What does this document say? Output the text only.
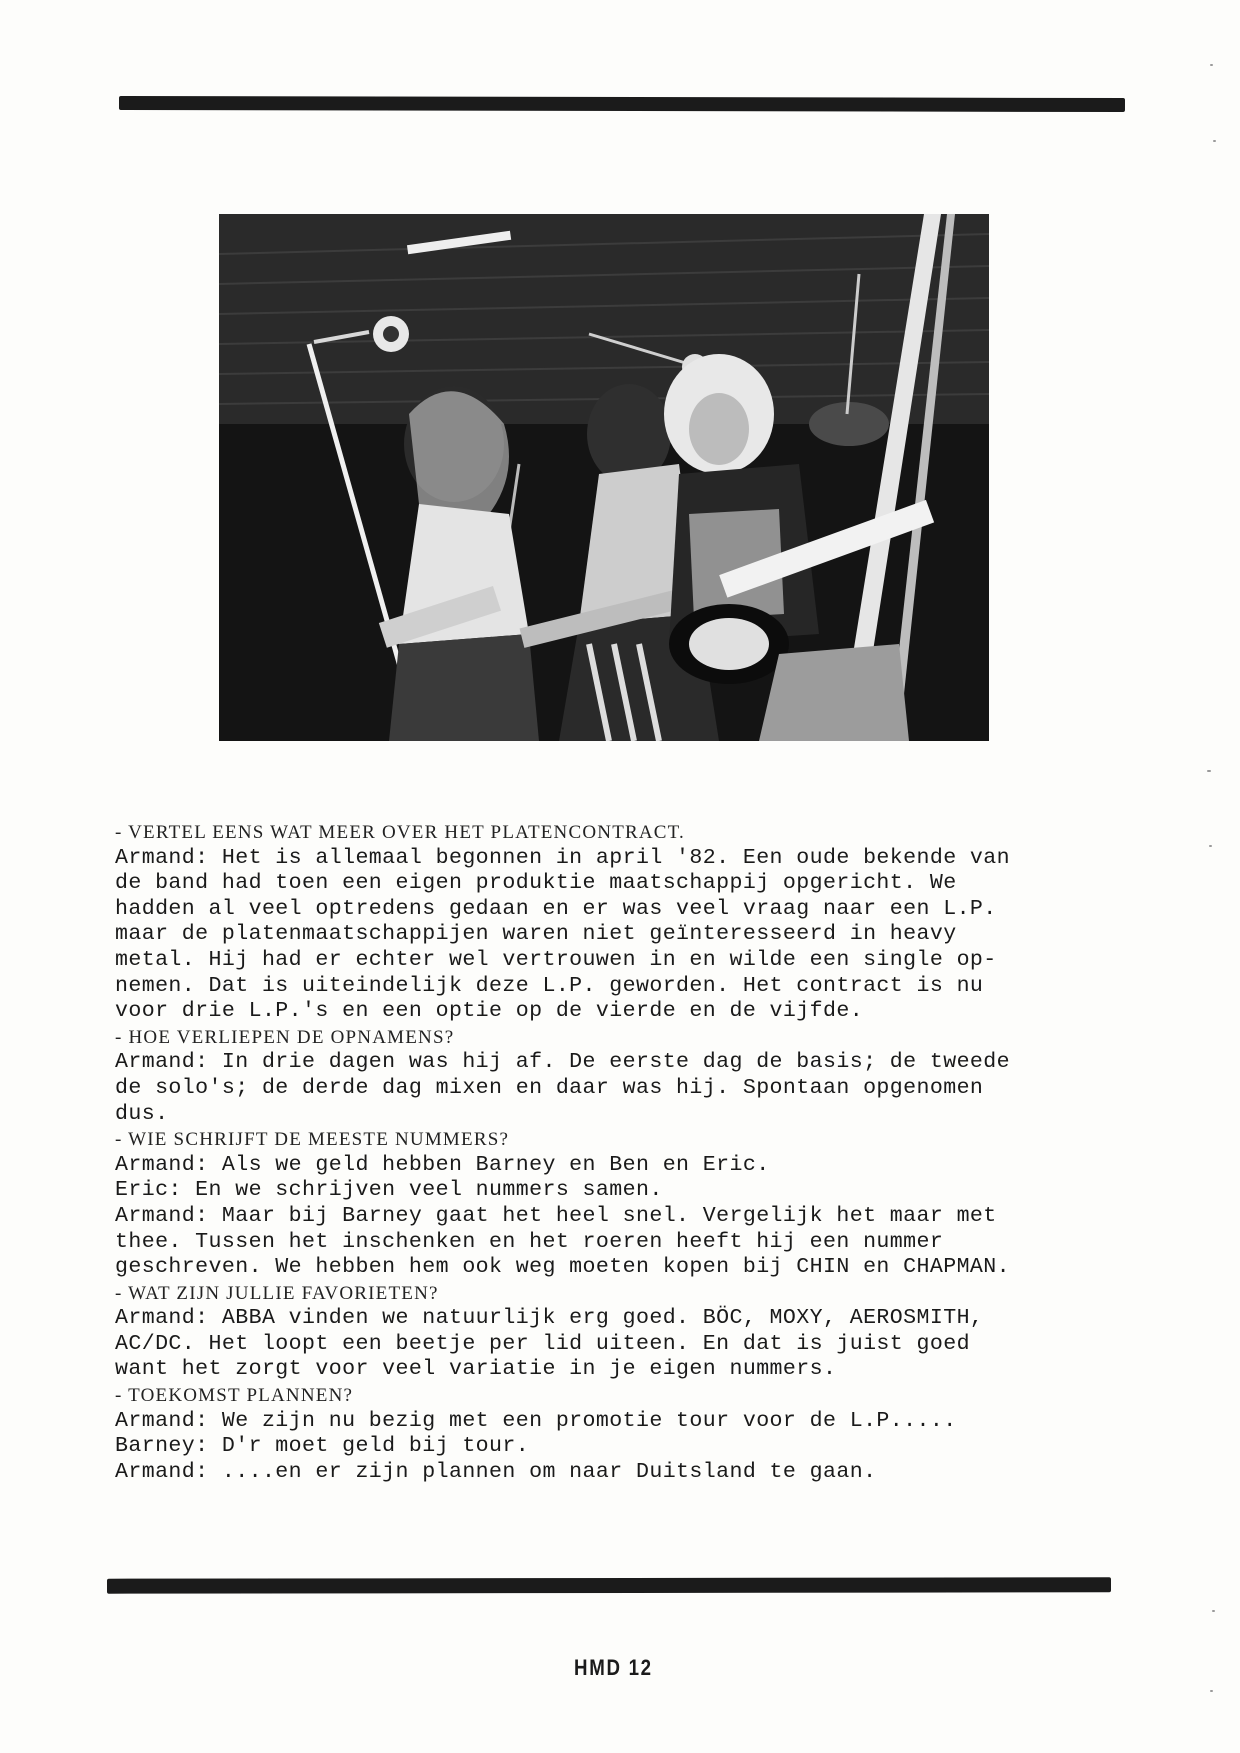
- VERTEL EENS WAT MEER OVER HET PLATENCONTRACT.
Armand: Het is allemaal begonnen in april '82. Een oude bekende van
de band had toen een eigen produktie maatschappij opgericht. We
hadden al veel optredens gedaan en er was veel vraag naar een L.P.
maar de platenmaatschappijen waren niet geïnteresseerd in heavy
metal. Hij had er echter wel vertrouwen in en wilde een single op-
nemen. Dat is uiteindelijk deze L.P. geworden. Het contract is nu
voor drie L.P.'s en een optie op de vierde en de vijfde.
- HOE VERLIEPEN DE OPNAMENS?
Armand: In drie dagen was hij af. De eerste dag de basis; de tweede
de solo's; de derde dag mixen en daar was hij. Spontaan opgenomen
dus.
- WIE SCHRIJFT DE MEESTE NUMMERS?
Armand: Als we geld hebben Barney en Ben en Eric.
Eric: En we schrijven veel nummers samen.
Armand: Maar bij Barney gaat het heel snel. Vergelijk het maar met
thee. Tussen het inschenken en het roeren heeft hij een nummer
geschreven. We hebben hem ook weg moeten kopen bij CHIN en CHAPMAN.
- WAT ZIJN JULLIE FAVORIETEN?
Armand: ABBA vinden we natuurlijk erg goed. BÖC, MOXY, AEROSMITH,
AC/DC. Het loopt een beetje per lid uiteen. En dat is juist goed
want het zorgt voor veel variatie in je eigen nummers.
- TOEKOMST PLANNEN?
Armand: We zijn nu bezig met een promotie tour voor de L.P.....
Barney: D'r moet geld bij tour.
Armand: ....en er zijn plannen om naar Duitsland te gaan.
HMD 12
